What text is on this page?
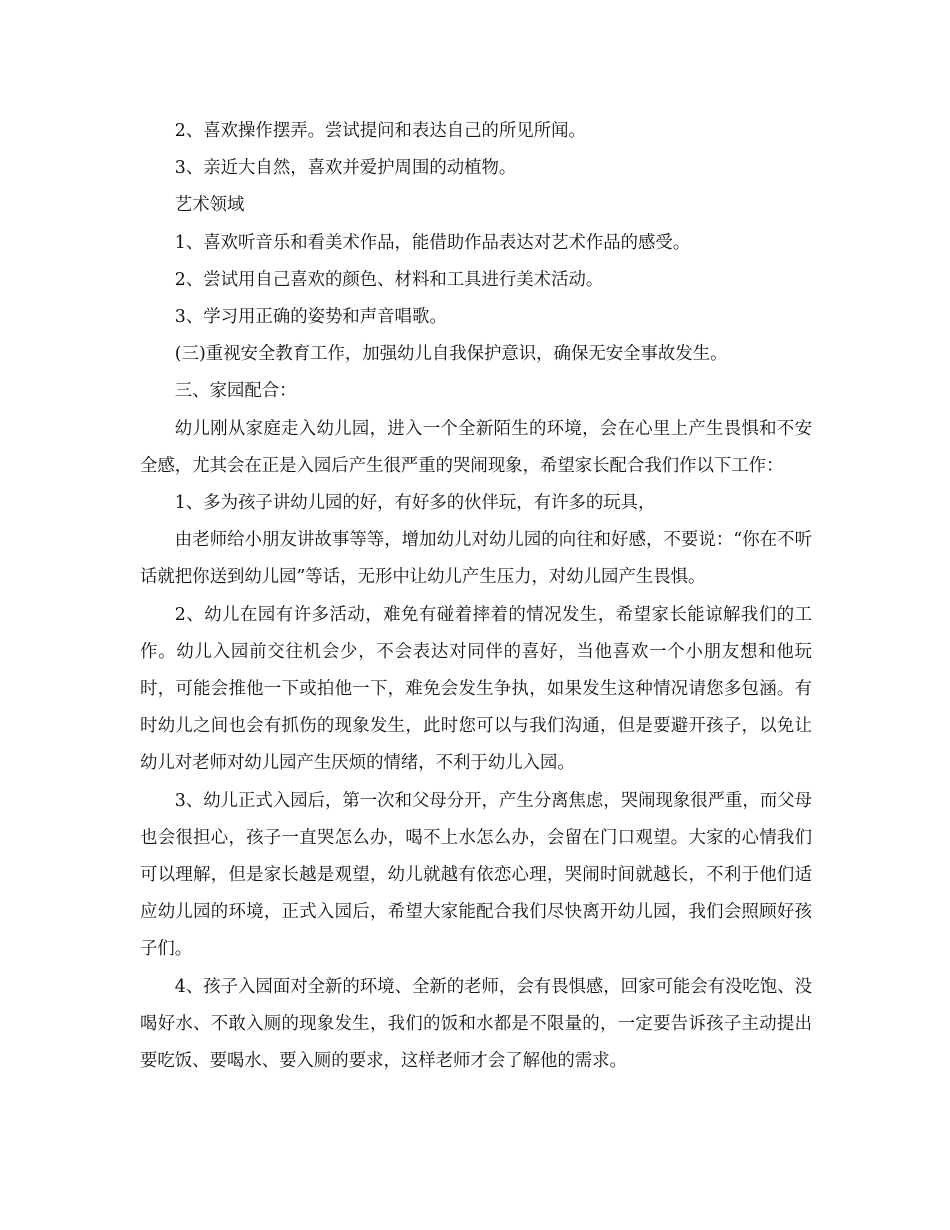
2、喜欢操作摆弄。尝试提问和表达自己的所见所闻。

3、亲近大自然，喜欢并爱护周围的动植物。

艺术领域

1、喜欢听音乐和看美术作品，能借助作品表达对艺术作品的感受。

2、尝试用自己喜欢的颜色、材料和工具进行美术活动。

3、学习用正确的姿势和声音唱歌。

(三)重视安全教育工作，加强幼儿自我保护意识，确保无安全事故发生。

三、家园配合：

幼儿刚从家庭走入幼儿园，进入一个全新陌生的环境，会在心里上产生畏惧和不安全感，尤其会在正是入园后产生很严重的哭闹现象，希望家长配合我们作以下工作：

1、多为孩子讲幼儿园的好，有好多的伙伴玩，有许多的玩具，

由老师给小朋友讲故事等等，增加幼儿对幼儿园的向往和好感，不要说：“你在不听话就把你送到幼儿园”等话，无形中让幼儿产生压力，对幼儿园产生畏惧。

2、幼儿在园有许多活动，难免有碰着摔着的情况发生，希望家长能谅解我们的工作。幼儿入园前交往机会少，不会表达对同伴的喜好，当他喜欢一个小朋友想和他玩时，可能会推他一下或拍他一下，难免会发生争执，如果发生这种情况请您多包涵。有时幼儿之间也会有抓伤的现象发生，此时您可以与我们沟通，但是要避开孩子，以免让幼儿对老师对幼儿园产生厌烦的情绪，不利于幼儿入园。

3、幼儿正式入园后，第一次和父母分开，产生分离焦虑，哭闹现象很严重，而父母也会很担心，孩子一直哭怎么办，喝不上水怎么办，会留在门口观望。大家的心情我们可以理解，但是家长越是观望，幼儿就越有依恋心理，哭闹时间就越长，不利于他们适应幼儿园的环境，正式入园后，希望大家能配合我们尽快离开幼儿园，我们会照顾好孩子们。

4、孩子入园面对全新的环境、全新的老师，会有畏惧感，回家可能会有没吃饱、没喝好水、不敢入厕的现象发生，我们的饭和水都是不限量的，一定要告诉孩子主动提出要吃饭、要喝水、要入厕的要求，这样老师才会了解他的需求。
